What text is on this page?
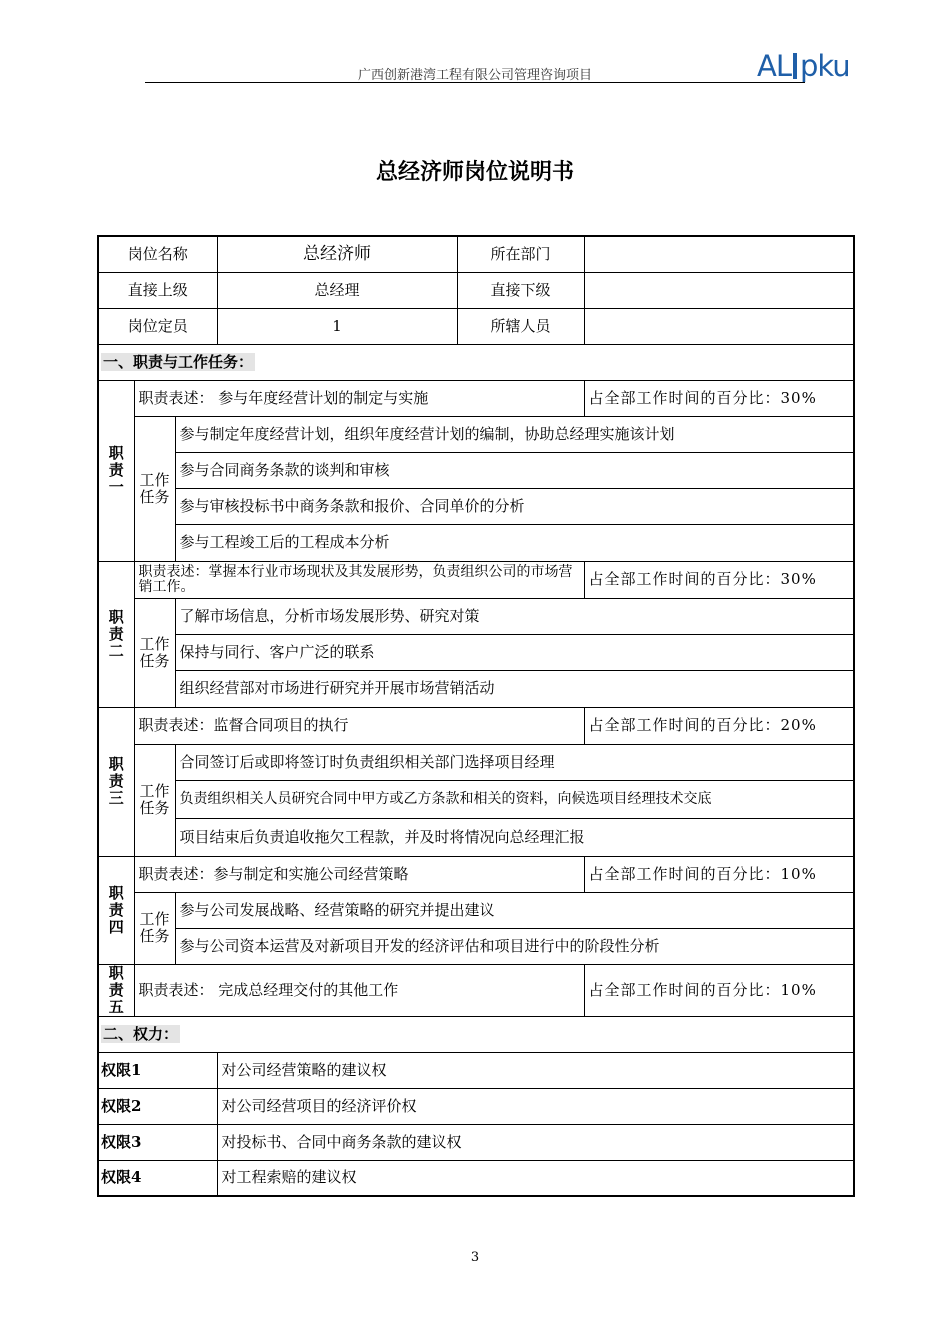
广西创新港湾工程有限公司管理咨询项目	AL pku
总经济师岗位说明书
岗位名称			总经济师	所在部门	
直接上级			总经理	直接下级	
岗位定员			1	所辖人员	
一、职责与工作任务：					

职责一	职责表述： 参与年度经营计划的制定与实施				占全部工作时间的百分比：30%

	工作任务	参与制定年度经营计划，组织年度经营计划的编制，协助总经理实施该计划			
		参与合同商务条款的谈判和审核			
		参与审核投标书中商务条款和报价、合同单价的分析			
		参与工程竣工后的工程成本分析			

职责二	职责表述：掌握本行业市场现状及其发展形势，负责组织公司的市场营销工作。				占全部工作时间的百分比：30%

	工作任务	了解市场信息，分析市场发展形势、研究对策			
		保持与同行、客户广泛的联系			
		组织经营部对市场进行研究并开展市场营销活动			

职责三	职责表述：监督合同项目的执行				占全部工作时间的百分比：20%

	工作任务	合同签订后或即将签订时负责组织相关部门选择项目经理			
		负责组织相关人员研究合同中甲方或乙方条款和相关的资料，向候选项目经理技术交底			
		项目结束后负责追收拖欠工程款，并及时将情况向总经理汇报			

职责四	职责表述：参与制定和实施公司经营策略				占全部工作时间的百分比：10%

	工作任务	参与公司发展战略、经营策略的研究并提出建议			
		参与公司资本运营及对新项目开发的经济评估和项目进行中的阶段性分析			

职责五	职责表述： 完成总经理交付的其他工作				占全部工作时间的百分比：10%
二、权力：					
权限1			对公司经营策略的建议权		
权限2			对公司经营项目的经济评价权		
权限3			对投标书、合同中商务条款的建议权		
权限4			对工程索赔的建议权		
3
